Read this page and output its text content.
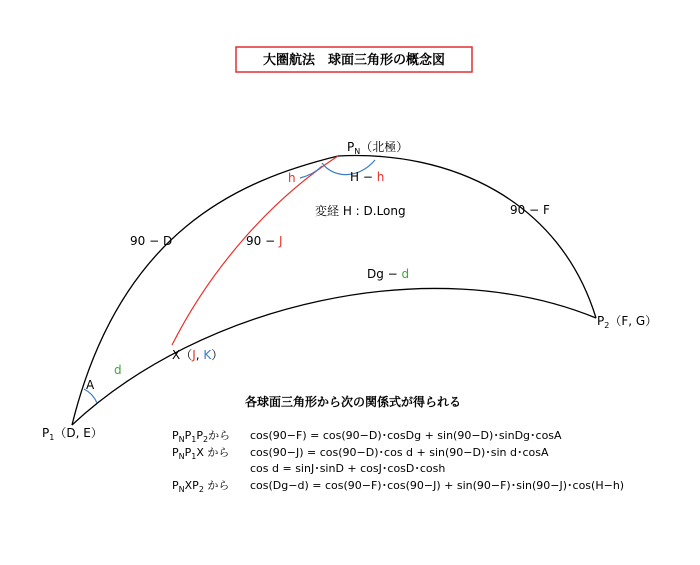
大圏航法　球面三角形の概念図
$P_N$（北極）
$P_1(D$, E）
$P_2(F$, G）
X（J, K）
90 − D
90 − F
90 − J
Dg − d
h	H − h
A
d
変経 H : D.Long
各球面三角形から次の関係式が得られる
$P_NP_1P_2$から cos(90−F) = cos(90−D)･cosDg + sin(90−D)･sinDg･cosA
$P_NP_1X$ から cos(90−J) = cos(90−D)･cos d + sin(90−D)･sin d･cosA
cos d = sinJ･sinD + cosJ･cosD･cosh
$P_NXP_2$ から cos(Dg−d) = cos(90−F)･cos(90−J) + sin(90−F)･sin(90−J)･cos(H−h)
